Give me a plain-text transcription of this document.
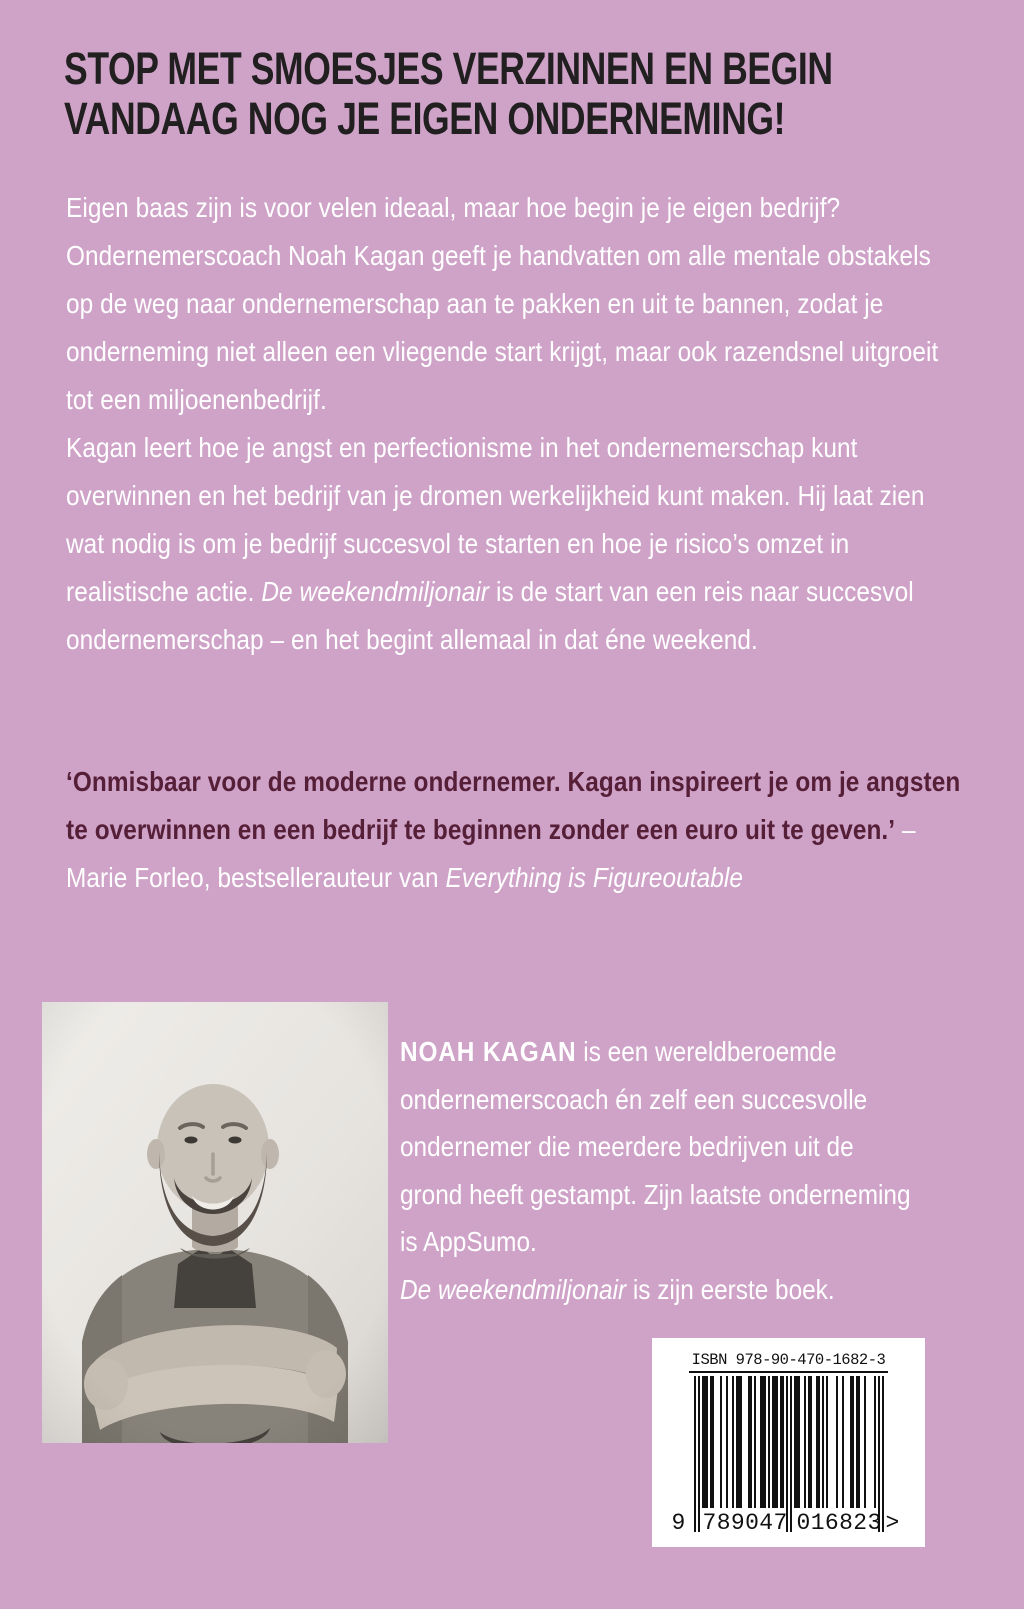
STOP MET SMOESJES VERZINNEN EN BEGIN
VANDAAG NOG JE EIGEN ONDERNEMING!

Eigen baas zijn is voor velen ideaal, maar hoe begin je je eigen bedrijf? Ondernemerscoach Noah Kagan geeft je handvatten om alle mentale obstakels op de weg naar ondernemerschap aan te pakken en uit te bannen, zodat je onderneming niet alleen een vliegende start krijgt, maar ook razendsnel uitgroeit tot een miljoenenbedrijf.

Kagan leert hoe je angst en perfectionisme in het ondernemerschap kunt overwinnen en het bedrijf van je dromen werkelijkheid kunt maken. Hij laat zien wat nodig is om je bedrijf succesvol te starten en hoe je risico’s omzet in realistische actie. De weekendmiljonair is de start van een reis naar succesvol ondernemerschap – en het begint allemaal in dat éne weekend.

‘Onmisbaar voor de moderne ondernemer. Kagan inspireert je om je angsten te overwinnen en een bedrijf te beginnen zonder een euro uit te geven.’ – Marie Forleo, bestsellerauteur van Everything is Figureoutable

NOAH KAGAN is een wereldberoemde ondernemerscoach én zelf een succesvolle ondernemer die meerdere bedrijven uit de grond heeft gestampt. Zijn laatste onderneming is AppSumo.

De weekendmiljonair is zijn eerste boek.

ISBN 978-90-470-1682-3
9 789047 016823 >
